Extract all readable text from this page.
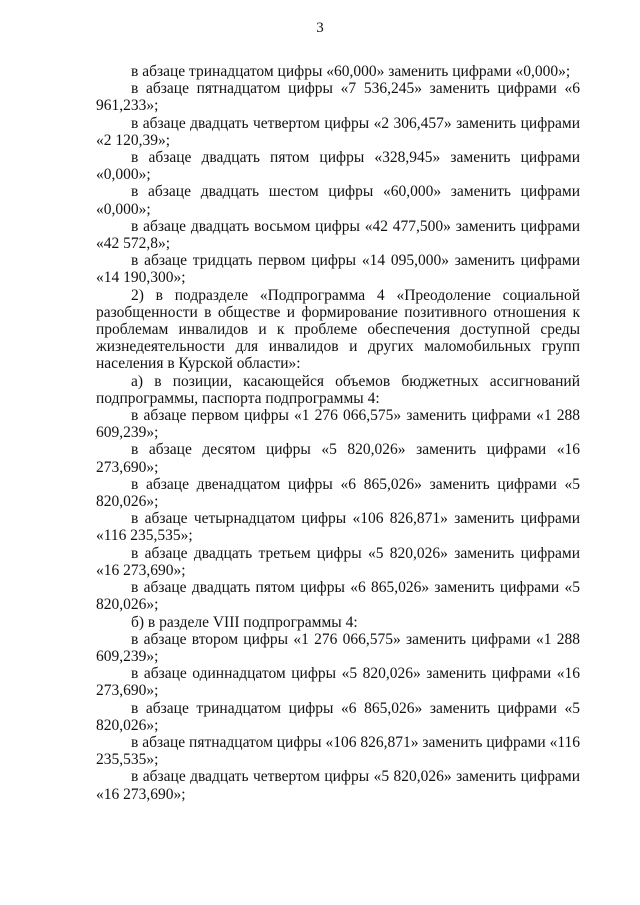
3

в абзаце тринадцатом цифры «60,000» заменить цифрами «0,000»;

в абзаце пятнадцатом цифры «7 536,245» заменить цифрами «6 961,233»;

в абзаце двадцать четвертом цифры «2 306,457» заменить цифрами «2 120,39»;

в абзаце двадцать пятом цифры «328,945» заменить цифрами «0,000»;

в абзаце двадцать шестом цифры «60,000» заменить цифрами «0,000»;

в абзаце двадцать восьмом цифры «42 477,500» заменить цифрами «42 572,8»;

в абзаце тридцать первом цифры «14 095,000» заменить цифрами «14 190,300»;

2) в подразделе «Подпрограмма 4 «Преодоление социальной разобщенности в обществе и формирование позитивного отношения к проблемам инвалидов и к проблеме обеспечения доступной среды жизнедеятельности для инвалидов и других маломобильных групп населения в Курской области»:

а) в позиции, касающейся объемов бюджетных ассигнований подпрограммы, паспорта подпрограммы 4:

в абзаце первом цифры «1 276 066,575» заменить цифрами «1 288 609,239»;

в абзаце десятом цифры «5 820,026» заменить цифрами «16 273,690»;

в абзаце двенадцатом цифры «6 865,026» заменить цифрами «5 820,026»;

в абзаце четырнадцатом цифры «106 826,871» заменить цифрами «116 235,535»;

в абзаце двадцать третьем цифры «5 820,026» заменить цифрами «16 273,690»;

в абзаце двадцать пятом цифры «6 865,026» заменить цифрами «5 820,026»;

б) в разделе VIII подпрограммы 4:

в абзаце втором цифры «1 276 066,575» заменить цифрами «1 288 609,239»;

в абзаце одиннадцатом цифры «5 820,026» заменить цифрами «16 273,690»;

в абзаце тринадцатом цифры «6 865,026» заменить цифрами «5 820,026»;

в абзаце пятнадцатом цифры «106 826,871» заменить цифрами «116 235,535»;

в абзаце двадцать четвертом цифры «5 820,026» заменить цифрами «16 273,690»;
